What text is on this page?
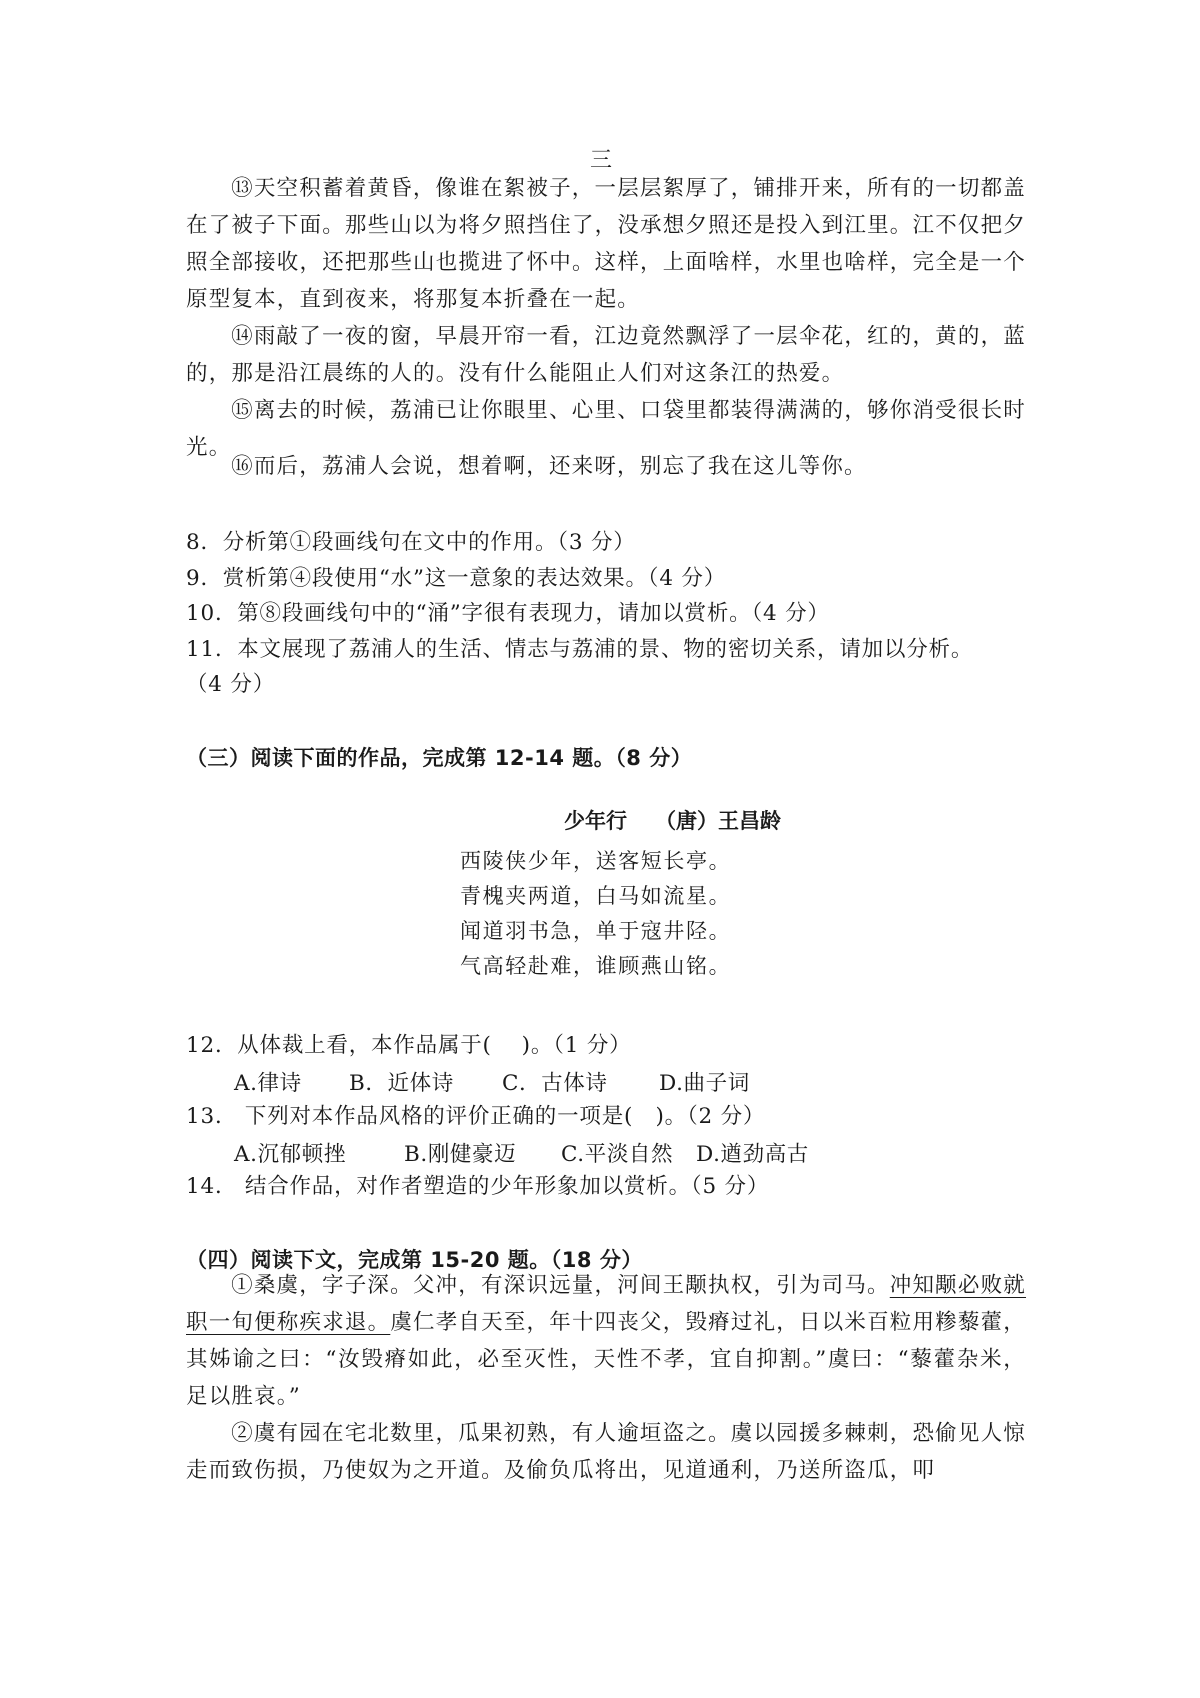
三

⑬天空积蓄着黄昏，像谁在絮被子，一层层絮厚了，铺排开来，所有的一切都盖在了被子下面。那些山以为将夕照挡住了，没承想夕照还是投入到江里。江不仅把夕照全部接收，还把那些山也揽进了怀中。这样，上面啥样，水里也啥样，完全是一个原型复本，直到夜来，将那复本折叠在一起。

⑭雨敲了一夜的窗，早晨开帘一看，江边竟然飘浮了一层伞花，红的，黄的，蓝的，那是沿江晨练的人的。没有什么能阻止人们对这条江的热爱。

⑮离去的时候，荔浦已让你眼里、心里、口袋里都装得满满的，够你消受很长时光。

⑯而后，荔浦人会说，想着啊，还来呀，别忘了我在这儿等你。

8．分析第①段画线句在文中的作用。（3 分）

9．赏析第④段使用“水”这一意象的表达效果。（4 分）

10．第⑧段画线句中的“涌”字很有表现力，请加以赏析。（4 分）

11．本文展现了荔浦人的生活、情志与荔浦的景、物的密切关系，请加以分析。

（4 分）

（三）阅读下面的作品，完成第 12-14 题。（8 分）
少年行 （唐）王昌龄
西陵侠少年，送客短长亭。
青槐夹两道，白马如流星。
闻道羽书急，单于寇井陉。
气高轻赴难，谁顾燕山铭。

12．从体裁上看，本作品属于(　 )。（1 分）

A.律诗 B．近体诗 C．古体诗 D.曲子词

13． 下列对本作品风格的评价正确的一项是(　)。（2 分）

A.沉郁顿挫	B.刚健豪迈 C.平淡自然 D.遒劲高古

14． 结合作品，对作者塑造的少年形象加以赏析。（5 分）

（四）阅读下文，完成第 15-20 题。（18 分）

①桑虞，字子深。父冲，有深识远量，河间王颙执权，引为司马。冲知颙必败就职一旬便称疾求退。虞仁孝自天至，年十四丧父，毁瘠过礼，日以米百粒用糁藜藿，其姊谕之曰：“汝毁瘠如此，必至灭性，天性不孝，宜自抑割。”虞曰：“藜藿杂米，足以胜哀。”

②虞有园在宅北数里，瓜果初熟，有人逾垣盗之。虞以园援多棘刺，恐偷见人惊走而致伤损，乃使奴为之开道。及偷负瓜将出，见道通利，乃送所盗瓜，叩
